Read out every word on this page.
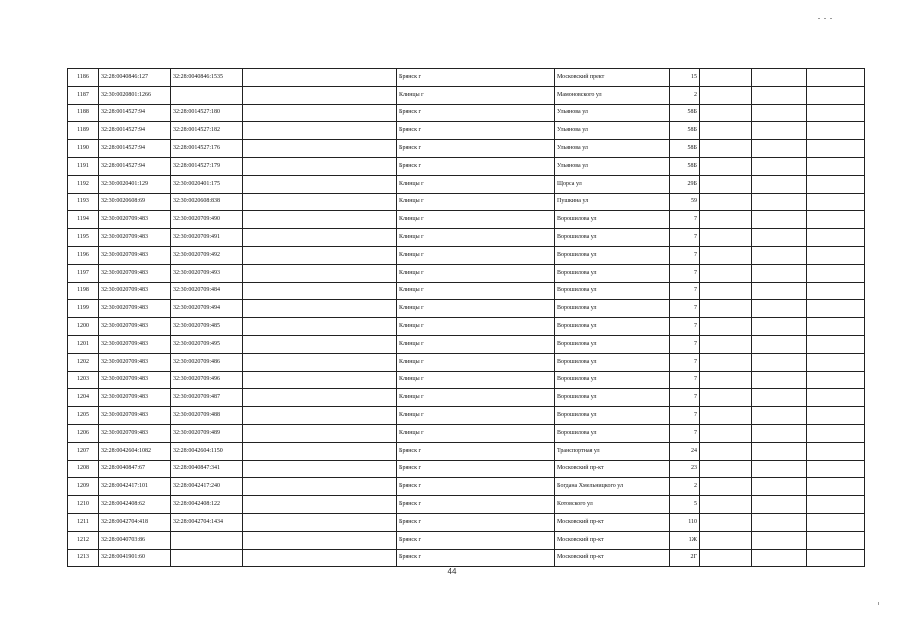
1186	32:28:0040846:127	32:28:0040846:1535		Брянск г	Московский прект	15			
1187	32:30:0020801:1266			Клинцы г	Мамоновского ул	2			
1188	32:28:0014527:94	32:28:0014527:180		Брянск г	Ульянова ул	58Б			
1189	32:28:0014527:94	32:28:0014527:182		Брянск г	Ульянова ул	58Б			
1190	32:28:0014527:94	32:28:0014527:176		Брянск г	Ульянова ул	58Б			
1191	32:28:0014527:94	32:28:0014527:179		Брянск г	Ульянова ул	58Б			
1192	32:30:0020401:129	32:30:0020401:175		Клинцы г	Щорса ул	29Б			
1193	32:30:0020608:69	32:30:0020608:838		Клинцы г	Пушкина ул	59			
1194	32:30:0020709:483	32:30:0020709:490		Клинцы г	Ворошилова ул	7			
1195	32:30:0020709:483	32:30:0020709:491		Клинцы г	Ворошилова ул	7			
1196	32:30:0020709:483	32:30:0020709:492		Клинцы г	Ворошилова ул	7			
1197	32:30:0020709:483	32:30:0020709:493		Клинцы г	Ворошилова ул	7			
1198	32:30:0020709:483	32:30:0020709:484		Клинцы г	Ворошилова ул	7			
1199	32:30:0020709:483	32:30:0020709:494		Клинцы г	Ворошилова ул	7			
1200	32:30:0020709:483	32:30:0020709:485		Клинцы г	Ворошилова ул	7			
1201	32:30:0020709:483	32:30:0020709:495		Клинцы г	Ворошилова ул	7			
1202	32:30:0020709:483	32:30:0020709:486		Клинцы г	Ворошилова ул	7			
1203	32:30:0020709:483	32:30:0020709:496		Клинцы г	Ворошилова ул	7			
1204	32:30:0020709:483	32:30:0020709:487		Клинцы г	Ворошилова ул	7			
1205	32:30:0020709:483	32:30:0020709:488		Клинцы г	Ворошилова ул	7			
1206	32:30:0020709:483	32:30:0020709:489		Клинцы г	Ворошилова ул	7			
1207	32:28:0042604:1082	32:28:0042604:1150		Брянск г	Транспортная ул	24			
1208	32:28:0040847:67	32:28:0040847:341		Брянск г	Московский пр-кт	23			
1209	32:28:0042417:101	32:28:0042417:240		Брянск г	Богдана Хмельницкого ул	2			
1210	32:28:0042408:62	32:28:0042408:122		Брянск г	Котовского ул	5			
1211	32:28:0042704:418	32:28:0042704:1434		Брянск г	Московский пр-кт	110			
1212	32:28:0040703:86			Брянск г	Московский пр-кт	1Ж			
1213	32:28:0041901:60			Брянск г	Московский пр-кт	2Г			
44
